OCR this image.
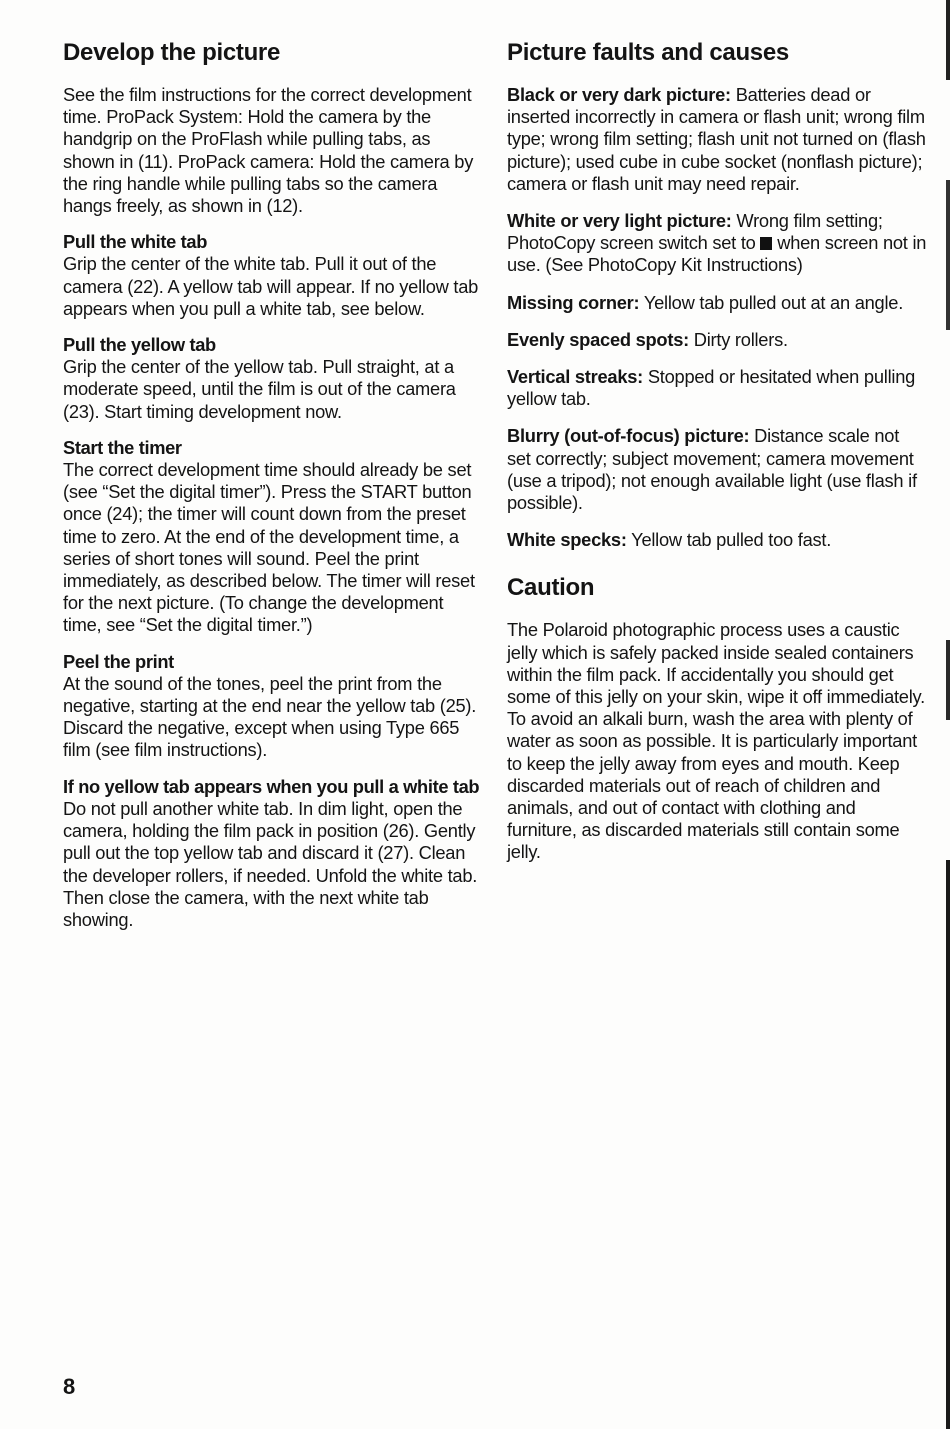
Develop the picture

See the film instructions for the correct development time. ProPack System: Hold the camera by the handgrip on the ProFlash while pulling tabs, as shown in (11). ProPack camera: Hold the camera by the ring handle while pulling tabs so the camera hangs freely, as shown in (12).

Pull the white tab

Grip the center of the white tab. Pull it out of the camera (22). A yellow tab will appear. If no yellow tab appears when you pull a white tab, see below.

Pull the yellow tab

Grip the center of the yellow tab. Pull straight, at a moderate speed, until the film is out of the camera (23). Start timing development now.

Start the timer

The correct development time should already be set (see “Set the digital timer”). Press the START button once (24); the timer will count down from the preset time to zero. At the end of the development time, a series of short tones will sound. Peel the print immediately, as described below. The timer will reset for the next picture. (To change the development time, see “Set the digital timer.”)

Peel the print

At the sound of the tones, peel the print from the negative, starting at the end near the yellow tab (25). Discard the negative, except when using Type 665 film (see film instructions).

If no yellow tab appears when you pull a white tab

Do not pull another white tab. In dim light, open the camera, holding the film pack in position (26). Gently pull out the top yellow tab and discard it (27). Clean the developer rollers, if needed. Unfold the white tab. Then close the camera, with the next white tab showing.

Picture faults and causes

Black or very dark picture: Batteries dead or inserted incorrectly in camera or flash unit; wrong film type; wrong film setting; flash unit not turned on (flash picture); used cube in cube socket (nonflash picture); camera or flash unit may need repair.

White or very light picture: Wrong film setting; PhotoCopy screen switch set to  when screen not in use. (See PhotoCopy Kit Instructions)

Missing corner: Yellow tab pulled out at an angle.

Evenly spaced spots: Dirty rollers.

Vertical streaks: Stopped or hesitated when pulling yellow tab.

Blurry (out-of-focus) picture: Distance scale not set correctly; subject movement; camera movement (use a tripod); not enough available light (use flash if possible).

White specks: Yellow tab pulled too fast.

Caution

The Polaroid photographic process uses a caustic jelly which is safely packed inside sealed containers within the film pack. If accidentally you should get some of this jelly on your skin, wipe it off immediately. To avoid an alkali burn, wash the area with plenty of water as soon as possible. It is particularly important to keep the jelly away from eyes and mouth. Keep discarded materials out of reach of children and animals, and out of contact with clothing and furniture, as discarded materials still contain some jelly.

8
